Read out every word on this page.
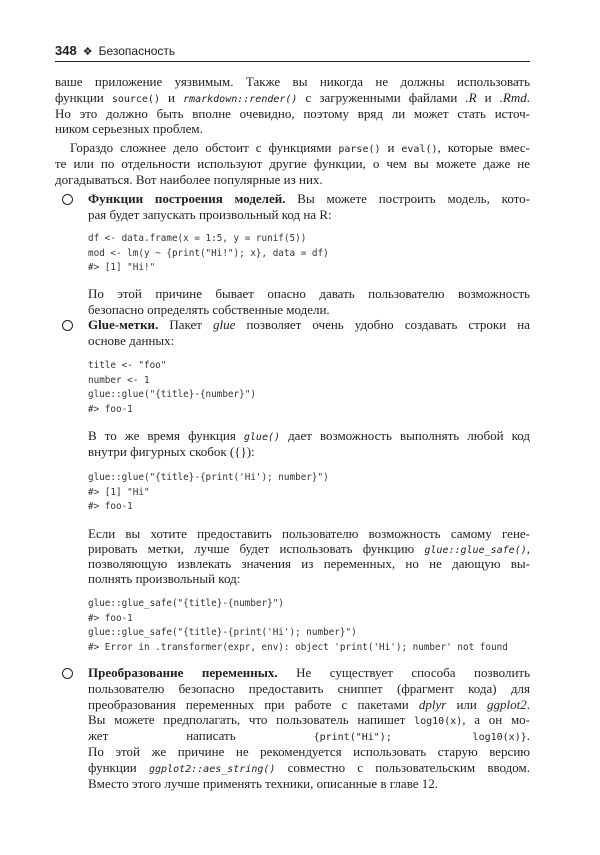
348 ❖ Безопасность
ваше приложение уязвимым. Также вы никогда не должны использовать
функции source() и rmarkdown::render() с загруженными файлами .R и .Rmd.
Но это должно быть вполне очевидно, поэтому вряд ли может стать источ-
ником серьезных проблем.
Гораздо сложнее дело обстоит с функциями parse() и eval(), которые вмес-
те или по отдельности используют другие функции, о чем вы можете даже не
догадываться. Вот наиболее популярные из них.
Функции построения моделей. Вы можете построить модель, кото-
рая будет запускать произвольный код на R:
df <- data.frame(x = 1:5, y = runif(5))
mod <- lm(y ~ {print("Hi!"); x}, data = df)
#> [1] "Hi!"
По этой причине бывает опасно давать пользователю возможность
безопасно определять собственные модели.
Glue-метки. Пакет glue позволяет очень удобно создавать строки на
основе данных:
title <- "foo"
number <- 1
glue::glue("{title}-{number}")
#> foo-1
В то же время функция glue() дает возможность выполнять любой код
внутри фигурных скобок ({}):
glue::glue("{title}-{print('Hi'); number}")
#> [1] "Hi"
#> foo-1
Если вы хотите предоставить пользователю возможность самому гене-
рировать метки, лучше будет использовать функцию glue::glue_safe(),
позволяющую извлекать значения из переменных, но не дающую вы-
полнять произвольный код:
glue::glue_safe("{title}-{number}")
#> foo-1
glue::glue_safe("{title}-{print('Hi'); number}")
#> Error in .transformer(expr, env): object 'print('Hi'); number' not found
Преобразование переменных. Не существует способа позволить
пользователю безопасно предоставить сниппет (фрагмент кода) для
преобразования переменных при работе с пакетами dplyr или ggplot2.
Вы можете предполагать, что пользователь напишет log10(x), а он мо-
жет написать {print("Hi"); log10(x)}.
По этой же причине не рекомендуется использовать старую версию
функции ggplot2::aes_string() совместно с пользовательским вводом.
Вместо этого лучше применять техники, описанные в главе 12.
